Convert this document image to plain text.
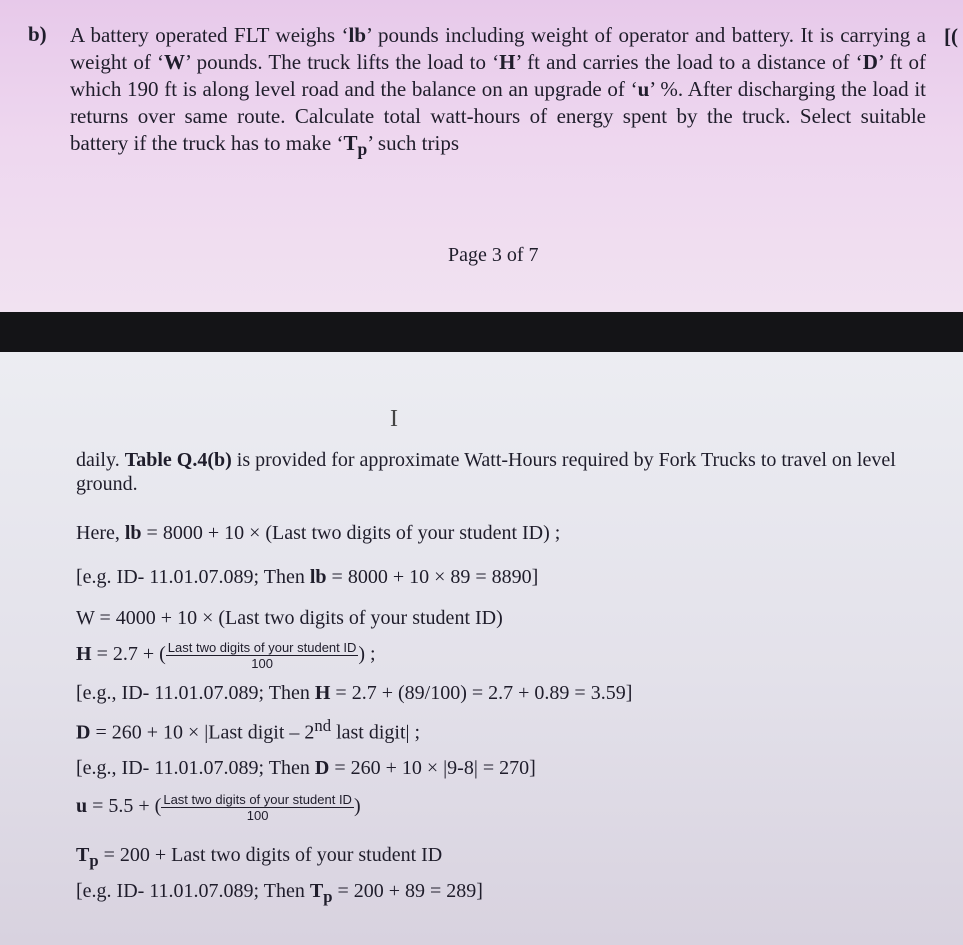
b) A battery operated FLT weighs ‘lb’ pounds including weight of operator and battery. It is carrying a weight of ‘W’ pounds. The truck lifts the load to ‘H’ ft and carries the load to a distance of ‘D’ ft of which 190 ft is along level road and the balance on an upgrade of ‘u’ %. After discharging the load it returns over same route. Calculate total watt-hours of energy spent by the truck. Select suitable battery if the truck has to make ‘$T_p$’ such trips
[(
Page 3 of 7
I
daily. Table Q.4(b) is provided for approximate Watt-Hours required by Fork Trucks to travel on level ground.
Here, lb = 8000 + 10 × (Last two digits of your student ID) ;
[e.g. ID- 11.01.07.089; Then lb = 8000 + 10 × 89 = 8890]
W = 4000 + 10 × (Last two digits of your student ID)
H = 2.7 + ( $\frac{\text{Last two digits of your student ID}}{100}$ ) ;
[e.g., ID- 11.01.07.089; Then H = 2.7 + (89/100) = 2.7 + 0.89 = 3.59]
D = 260 + 10 × |Last digit – 2nd last digit| ;
[e.g., ID- 11.01.07.089; Then D = 260 + 10 × |9-8| = 270]
u = 5.5 + ( $\frac{\text{Last two digits of your student ID}}{100}$ )
$T_p = 200$ + Last two digits of your student ID
[e.g. ID- 11.01.07.089; Then $T_p = 200 + 89 = 289$]
